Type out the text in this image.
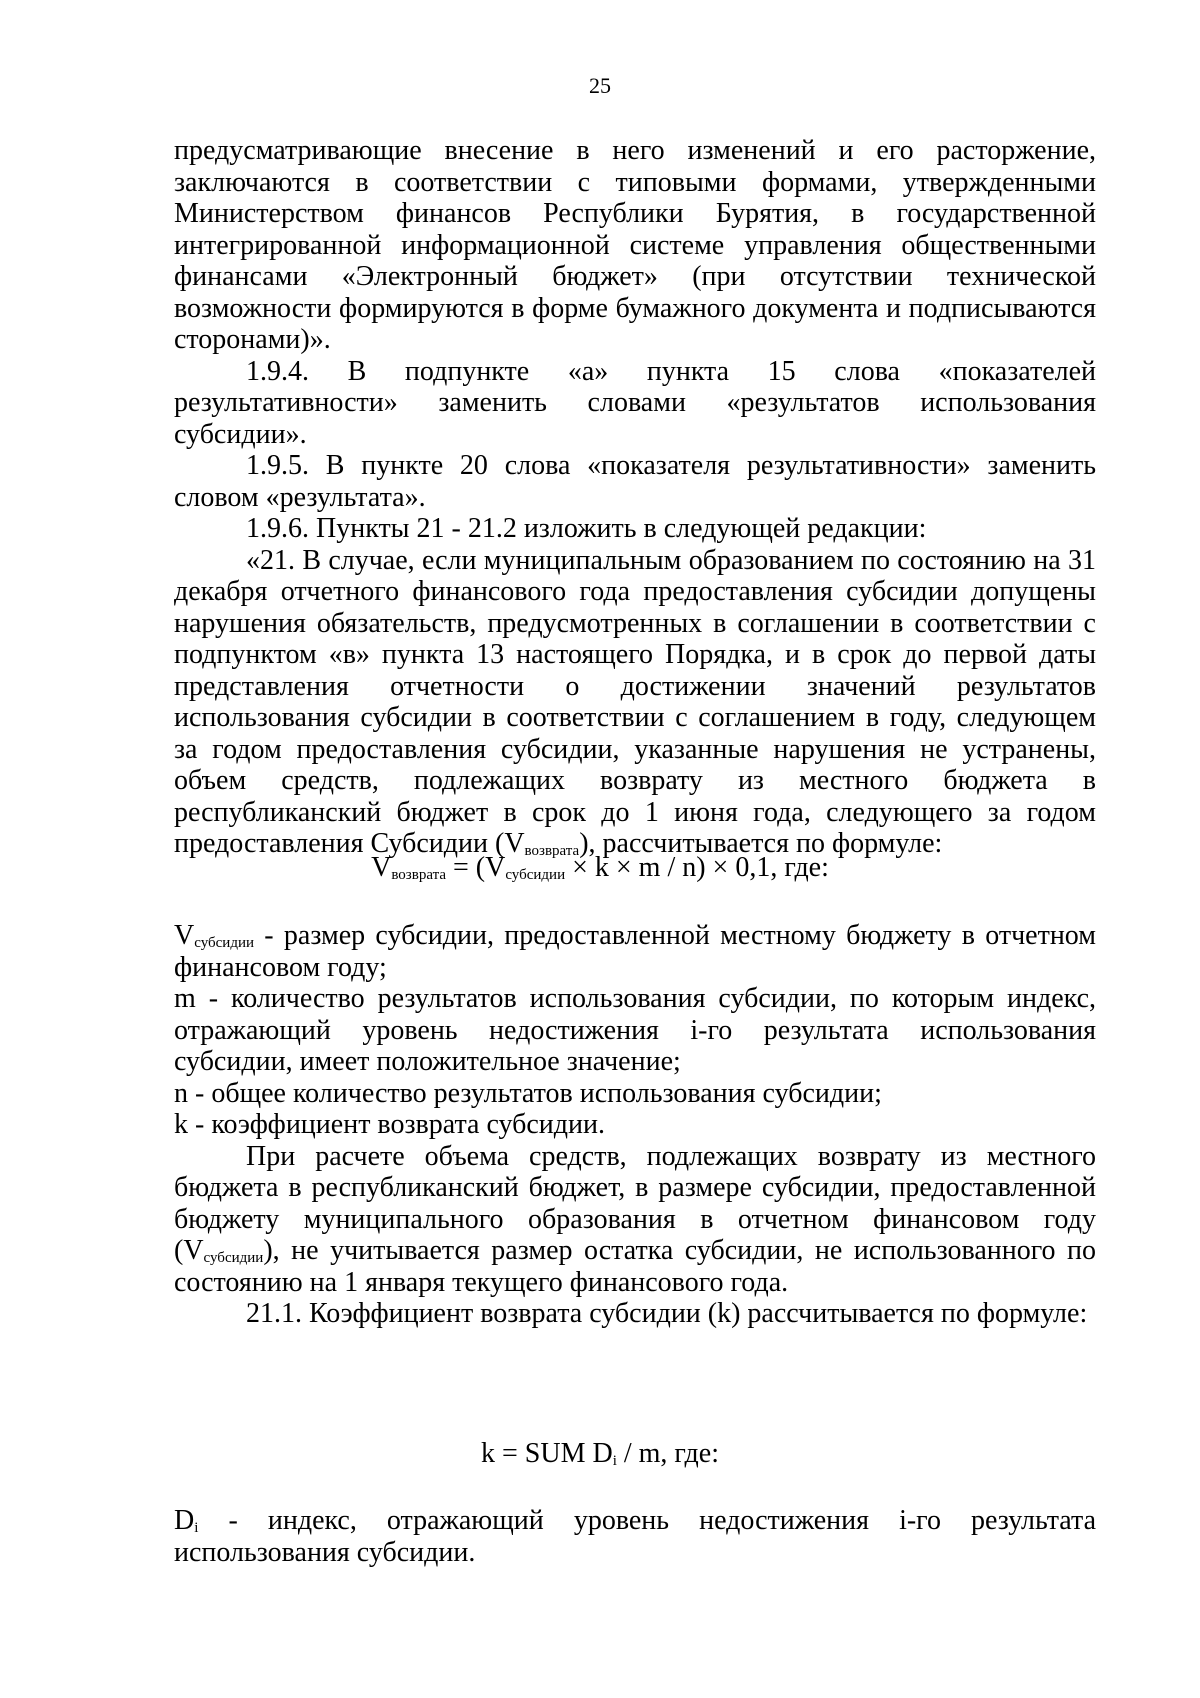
25

предусматривающие внесение в него изменений и его расторжение, заключаются в соответствии с типовыми формами, утвержденными Министерством финансов Республики Бурятия, в государственной интегрированной информационной системе управления общественными финансами «Электронный бюджет» (при отсутствии технической возможности формируются в форме бумажного документа и подписываются сторонами)».

1.9.4. В подпункте «а» пункта 15 слова «показателей результативности» заменить словами «результатов использования субсидии».

1.9.5. В пункте 20 слова «показателя результативности» заменить словом «результата».

1.9.6. Пункты 21 - 21.2 изложить в следующей редакции:

«21. В случае, если муниципальным образованием по состоянию на 31 декабря отчетного финансового года предоставления субсидии допущены нарушения обязательств, предусмотренных в соглашении в соответствии с подпунктом «в» пункта 13 настоящего Порядка, и в срок до первой даты представления отчетности о достижении значений результатов использования субсидии в соответствии с соглашением в году, следующем за годом предоставления субсидии, указанные нарушения не устранены, объем средств, подлежащих возврату из местного бюджета в республиканский бюджет в срок до 1 июня года, следующего за годом предоставления Субсидии $(V_{возврата})$, рассчитывается по формуле:

$V_{возврата} = (V_{субсидии} \times k \times m / n) \times 0,1$, где:

$V_{субсидии}$ - размер субсидии, предоставленной местному бюджету в отчетном финансовом году;

m - количество результатов использования субсидии, по которым индекс, отражающий уровень недостижения i-го результата использования субсидии, имеет положительное значение;

n - общее количество результатов использования субсидии;

k - коэффициент возврата субсидии.

При расчете объема средств, подлежащих возврату из местного бюджета в республиканский бюджет, в размере субсидии, предоставленной бюджету муниципального образования в отчетном финансовом году $(V_{субсидии})$, не учитывается размер остатка субсидии, не использованного по состоянию на 1 января текущего финансового года.

21.1. Коэффициент возврата субсидии (k) рассчитывается по формуле:

k = SUM $D_i$ / m, где:

$D_i$ - индекс, отражающий уровень недостижения i-го результата использования субсидии.
